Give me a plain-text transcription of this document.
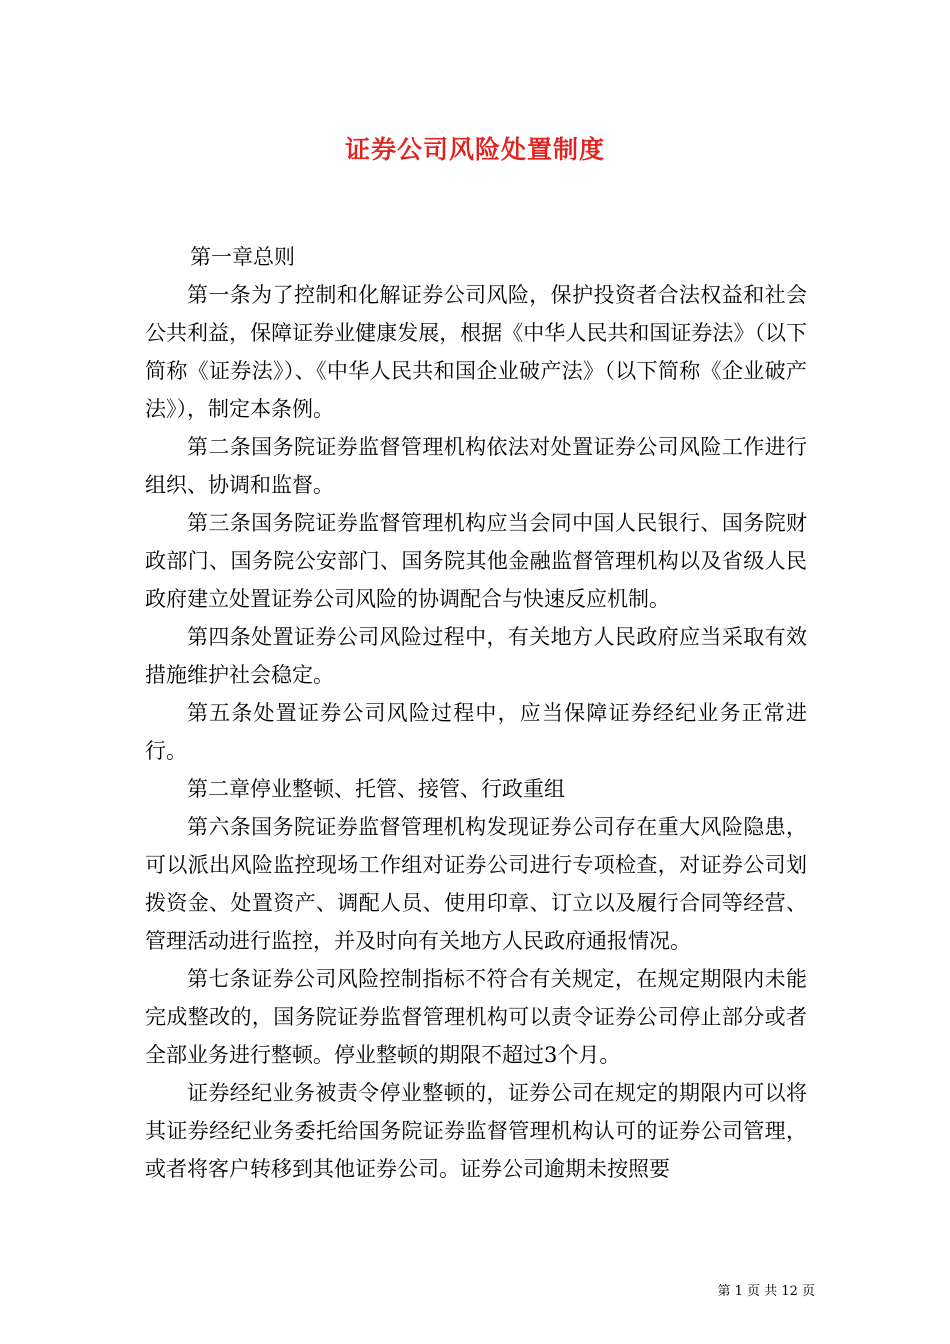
证券公司风险处置制度

第一章总则

第一条为了控制和化解证券公司风险，保护投资者合法权益和社会公共利益，保障证券业健康发展，根据《中华人民共和国证券法》（以下简称《证券法》）、《中华人民共和国企业破产法》（以下简称《企业破产法》），制定本条例。

第二条国务院证券监督管理机构依法对处置证券公司风险工作进行组织、协调和监督。

第三条国务院证券监督管理机构应当会同中国人民银行、国务院财政部门、国务院公安部门、国务院其他金融监督管理机构以及省级人民政府建立处置证券公司风险的协调配合与快速反应机制。

第四条处置证券公司风险过程中，有关地方人民政府应当采取有效措施维护社会稳定。

第五条处置证券公司风险过程中，应当保障证券经纪业务正常进行。

第二章停业整顿、托管、接管、行政重组

第六条国务院证券监督管理机构发现证券公司存在重大风险隐患，可以派出风险监控现场工作组对证券公司进行专项检查，对证券公司划拨资金、处置资产、调配人员、使用印章、订立以及履行合同等经营、管理活动进行监控，并及时向有关地方人民政府通报情况。

第七条证券公司风险控制指标不符合有关规定，在规定期限内未能完成整改的，国务院证券监督管理机构可以责令证券公司停止部分或者全部业务进行整顿。停业整顿的期限不超过3个月。

证券经纪业务被责令停业整顿的，证券公司在规定的期限内可以将其证券经纪业务委托给国务院证券监督管理机构认可的证券公司管理，或者将客户转移到其他证券公司。证券公司逾期未按照要

第 1 页 共 12 页
